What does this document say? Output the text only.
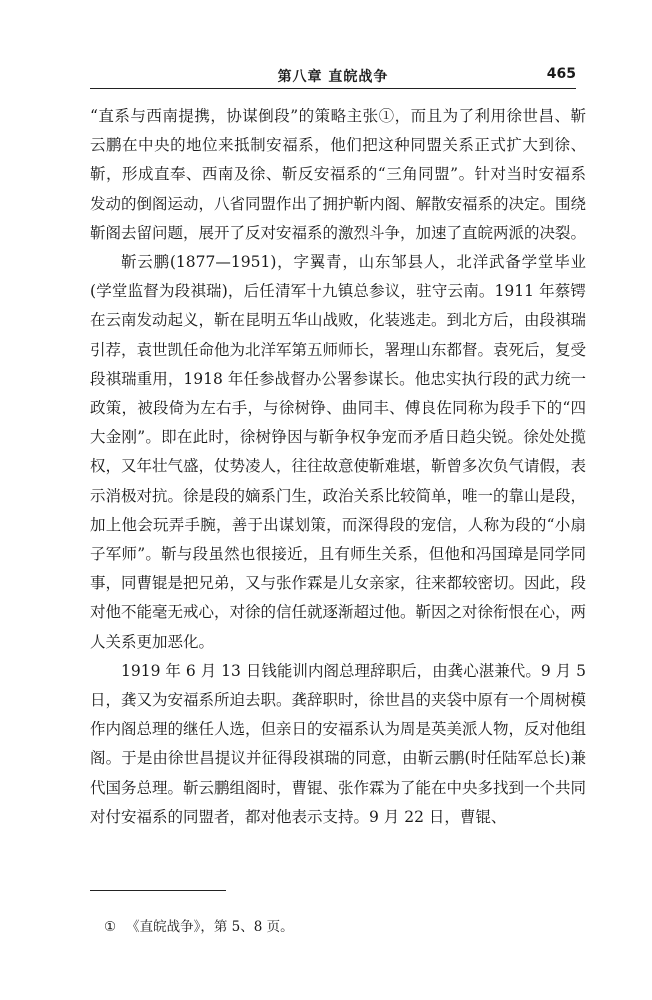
第八章 直皖战争	465

“直系与西南提携，协谋倒段”的策略主张①，而且为了利用徐世昌、靳云鹏在中央的地位来抵制安福系，他们把这种同盟关系正式扩大到徐、靳，形成直奉、西南及徐、靳反安福系的“三角同盟”。针对当时安福系发动的倒阁运动，八省同盟作出了拥护靳内阁、解散安福系的决定。围绕靳阁去留问题，展开了反对安福系的激烈斗争，加速了直皖两派的决裂。

靳云鹏(1877—1951)，字翼青，山东邹县人，北洋武备学堂毕业(学堂监督为段祺瑞)，后任清军十九镇总参议，驻守云南。1911 年蔡锷在云南发动起义，靳在昆明五华山战败，化装逃走。到北方后，由段祺瑞引荐，袁世凯任命他为北洋军第五师师长，署理山东都督。袁死后，复受段祺瑞重用，1918 年任参战督办公署参谋长。他忠实执行段的武力统一政策，被段倚为左右手，与徐树铮、曲同丰、傅良佐同称为段手下的“四大金刚”。即在此时，徐树铮因与靳争权争宠而矛盾日趋尖锐。徐处处揽权，又年壮气盛，仗势凌人，往往故意使靳难堪，靳曾多次负气请假，表示消极对抗。徐是段的嫡系门生，政治关系比较简单，唯一的靠山是段，加上他会玩弄手腕，善于出谋划策，而深得段的宠信，人称为段的“小扇子军师”。靳与段虽然也很接近，且有师生关系，但他和冯国璋是同学同事，同曹锟是把兄弟，又与张作霖是儿女亲家，往来都较密切。因此，段对他不能毫无戒心，对徐的信任就逐渐超过他。靳因之对徐衔恨在心，两人关系更加恶化。

1919 年 6 月 13 日钱能训内阁总理辞职后，由龚心湛兼代。9 月 5 日，龚又为安福系所迫去职。龚辞职时，徐世昌的夹袋中原有一个周树模作内阁总理的继任人选，但亲日的安福系认为周是英美派人物，反对他组阁。于是由徐世昌提议并征得段祺瑞的同意，由靳云鹏(时任陆军总长)兼代国务总理。靳云鹏组阁时，曹锟、张作霖为了能在中央多找到一个共同对付安福系的同盟者，都对他表示支持。9 月 22 日，曹锟、

① 《直皖战争》，第 5、8 页。
